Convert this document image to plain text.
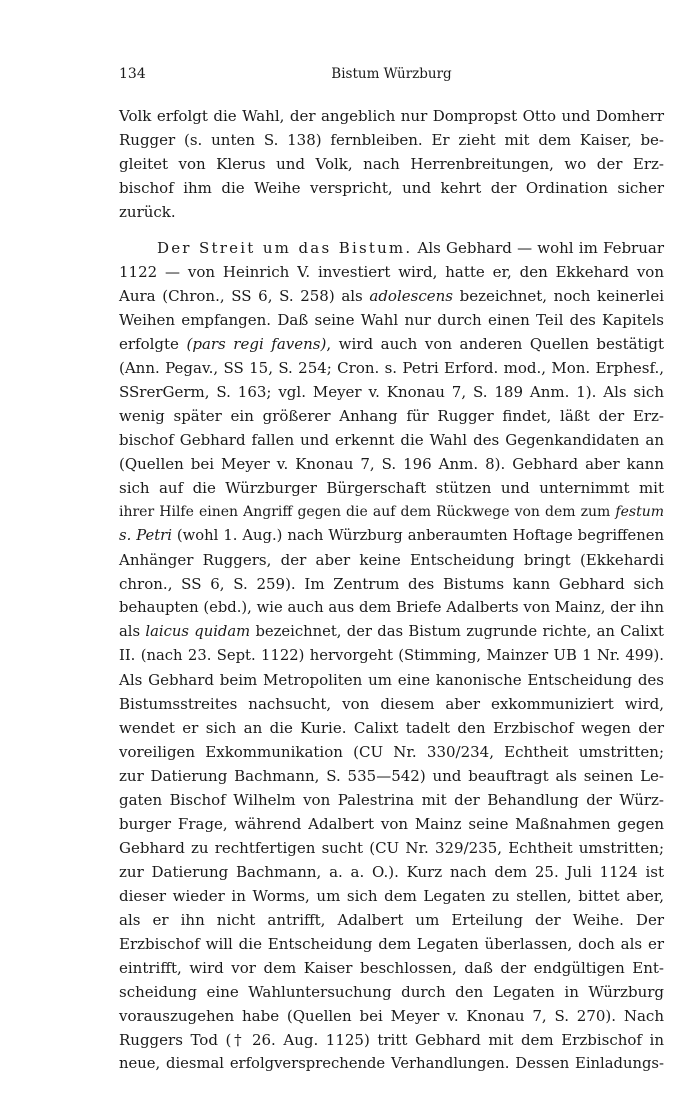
134	Bistum Würzburg
Volk erfolgt die Wahl, der angeblich nur Dompropst Otto und Domherr
Rugger (s. unten S. 138) fernbleiben. Er zieht mit dem Kaiser, be-
gleitet von Klerus und Volk, nach Herrenbreitungen, wo der Erz-
bischof ihm die Weihe verspricht, und kehrt der Ordination sicher
zurück.
Der Streit um das Bistum. Als Gebhard — wohl im Februar
1122 — von Heinrich V. investiert wird, hatte er, den Ekkehard von
Aura (Chron., SS 6, S. 258) als adolescens bezeichnet, noch keinerlei
Weihen empfangen. Daß seine Wahl nur durch einen Teil des Kapitels
erfolgte (pars regi favens), wird auch von anderen Quellen bestätigt
(Ann. Pegav., SS 15, S. 254; Cron. s. Petri Erford. mod., Mon. Erphesf.,
SSrerGerm, S. 163; vgl. Meyer v. Knonau 7, S. 189 Anm. 1). Als sich
wenig später ein größerer Anhang für Rugger findet, läßt der Erz-
bischof Gebhard fallen und erkennt die Wahl des Gegenkandidaten an
(Quellen bei Meyer v. Knonau 7, S. 196 Anm. 8). Gebhard aber kann
sich auf die Würzburger Bürgerschaft stützen und unternimmt mit
ihrer Hilfe einen Angriff gegen die auf dem Rückwege von dem zum festum
s. Petri (wohl 1. Aug.) nach Würzburg anberaumten Hoftage begriffenen
Anhänger Ruggers, der aber keine Entscheidung bringt (Ekkehardi
chron., SS 6, S. 259). Im Zentrum des Bistums kann Gebhard sich
behaupten (ebd.), wie auch aus dem Briefe Adalberts von Mainz, der ihn
als laicus quidam bezeichnet, der das Bistum zugrunde richte, an Calixt
II. (nach 23. Sept. 1122) hervorgeht (Stimming, Mainzer UB 1 Nr. 499).
Als Gebhard beim Metropoliten um eine kanonische Entscheidung des
Bistumsstreites nachsucht, von diesem aber exkommuniziert wird,
wendet er sich an die Kurie. Calixt tadelt den Erzbischof wegen der
voreiligen Exkommunikation (CU Nr. 330/234, Echtheit umstritten;
zur Datierung Bachmann, S. 535—542) und beauftragt als seinen Le-
gaten Bischof Wilhelm von Palestrina mit der Behandlung der Würz-
burger Frage, während Adalbert von Mainz seine Maßnahmen gegen
Gebhard zu rechtfertigen sucht (CU Nr. 329/235, Echtheit umstritten;
zur Datierung Bachmann, a. a. O.). Kurz nach dem 25. Juli 1124 ist
dieser wieder in Worms, um sich dem Legaten zu stellen, bittet aber,
als er ihn nicht antrifft, Adalbert um Erteilung der Weihe. Der
Erzbischof will die Entscheidung dem Legaten überlassen, doch als er
eintrifft, wird vor dem Kaiser beschlossen, daß der endgültigen Ent-
scheidung eine Wahluntersuchung durch den Legaten in Würzburg
vorauszugehen habe (Quellen bei Meyer v. Knonau 7, S. 270). Nach
Ruggers Tod († 26. Aug. 1125) tritt Gebhard mit dem Erzbischof in
neue, diesmal erfolgversprechende Verhandlungen. Dessen Einladungs-
